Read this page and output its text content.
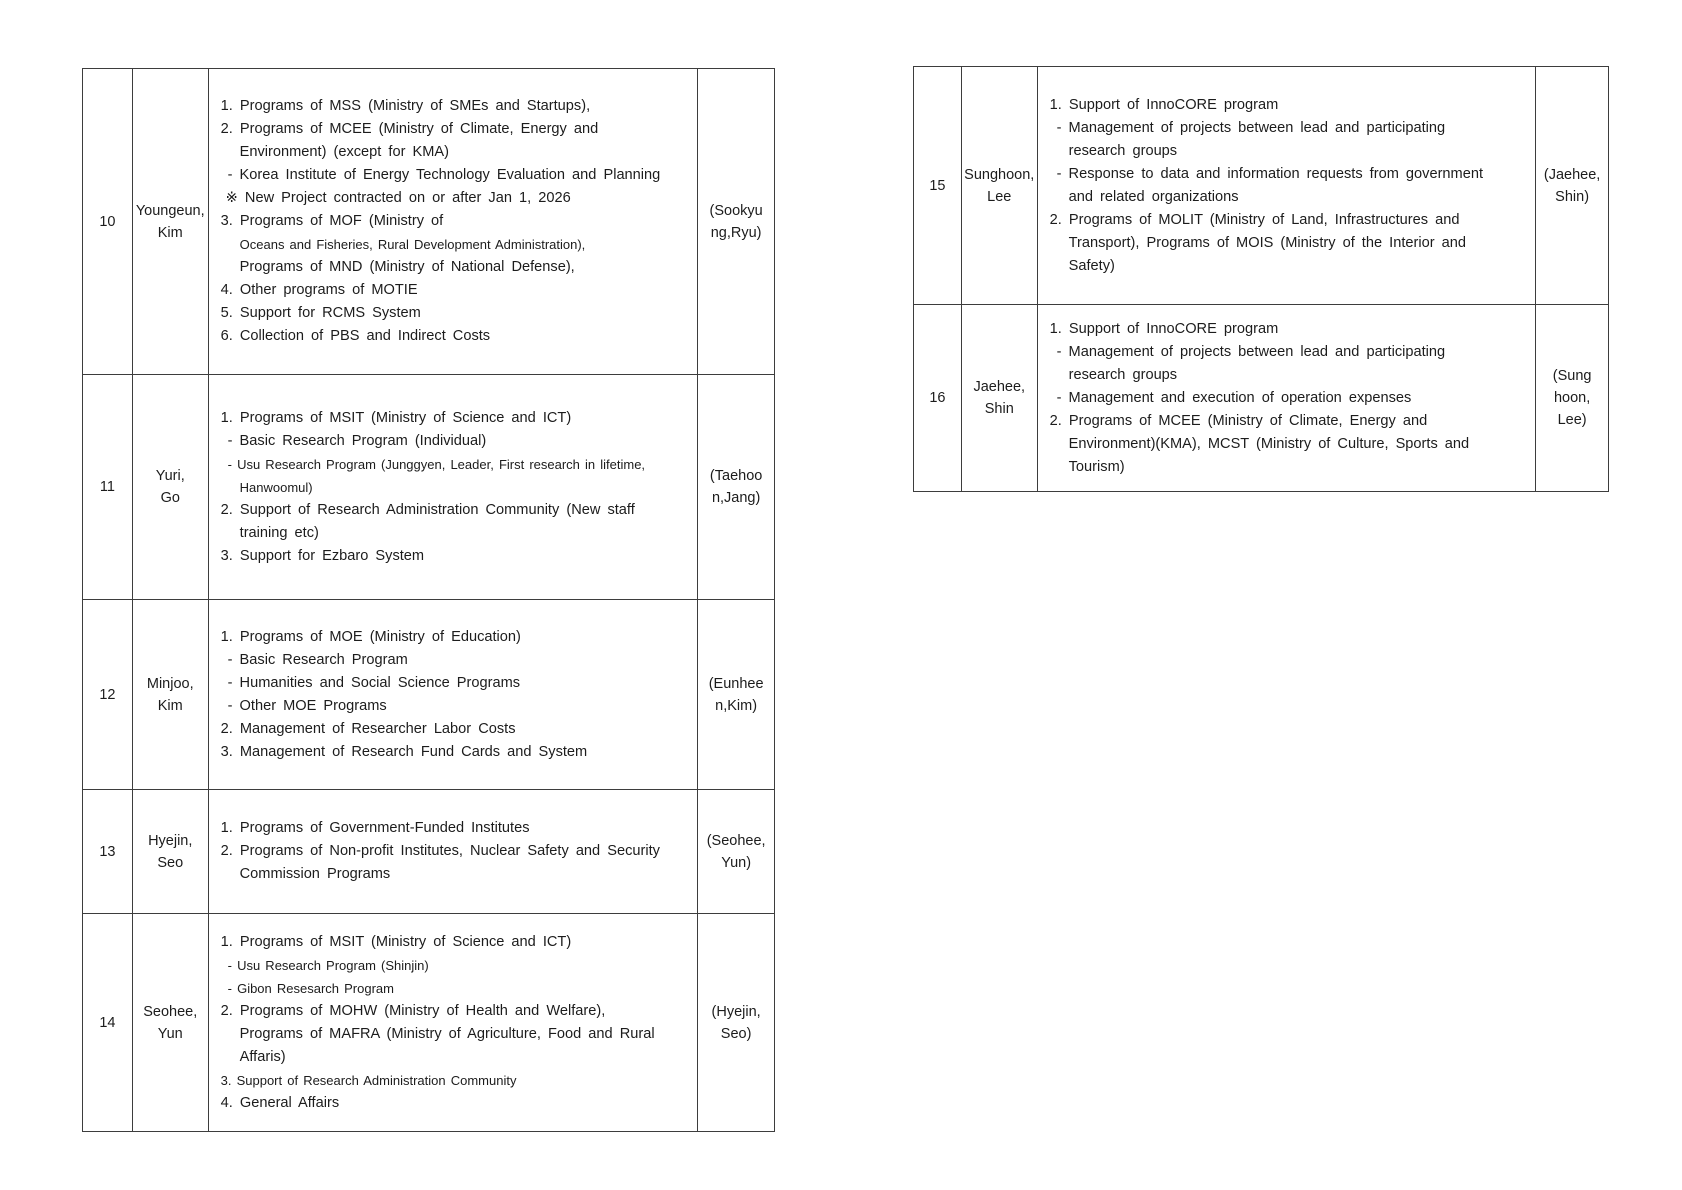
10
Youngeun,
Kim
1. Programs of MSS (Ministry of SMEs and Startups),
2. Programs of MCEE (Ministry of Climate, Energy and
Environment) (except for KMA)
- Korea Institute of Energy Technology Evaluation and Planning
※ New Project contracted on or after Jan 1, 2026
3. Programs of MOF (Ministry of
Oceans and Fisheries, Rural Development Administration),
Programs of MND (Ministry of National Defense),
4. Other programs of MOTIE
5. Support for RCMS System
6. Collection of PBS and Indirect Costs
(Sookyu
ng,Ryu)
11
Yuri,
Go
1. Programs of MSIT (Ministry of Science and ICT)
- Basic Research Program (Individual)
- Usu Research Program (Junggyen, Leader, First research in lifetime,
Hanwoomul)
2. Support of Research Administration Community (New staff
training etc)
3. Support for Ezbaro System
(Taehoo
n,Jang)
12
Minjoo,
Kim
1. Programs of MOE (Ministry of Education)
- Basic Research Program
- Humanities and Social Science Programs
- Other MOE Programs
2. Management of Researcher Labor Costs
3. Management of Research Fund Cards and System
(Eunhee
n,Kim)
13
Hyejin,
Seo
1. Programs of Government-Funded Institutes
2. Programs of Non-profit Institutes, Nuclear Safety and Security
Commission Programs
(Seohee,
Yun)
14
Seohee,
Yun
1. Programs of MSIT (Ministry of Science and ICT)
- Usu Research Program (Shinjin)
- Gibon Resesarch Program
2. Programs of MOHW (Ministry of Health and Welfare),
Programs of MAFRA (Ministry of Agriculture, Food and Rural
Affaris)
3. Support of Research Administration Community
4. General Affairs
(Hyejin,
Seo)
15
Sunghoon,
Lee
1. Support of InnoCORE program
- Management of projects between lead and participating
research groups
- Response to data and information requests from government
and related organizations
2. Programs of MOLIT (Ministry of Land, Infrastructures and
Transport), Programs of MOIS (Ministry of the Interior and
Safety)
(Jaehee,
Shin)
16
Jaehee,
Shin
1. Support of InnoCORE program
- Management of projects between lead and participating
research groups
- Management and execution of operation expenses
2. Programs of MCEE (Ministry of Climate, Energy and
Environment)(KMA), MCST (Ministry of Culture, Sports and
Tourism)
(Sung
hoon,
Lee)
